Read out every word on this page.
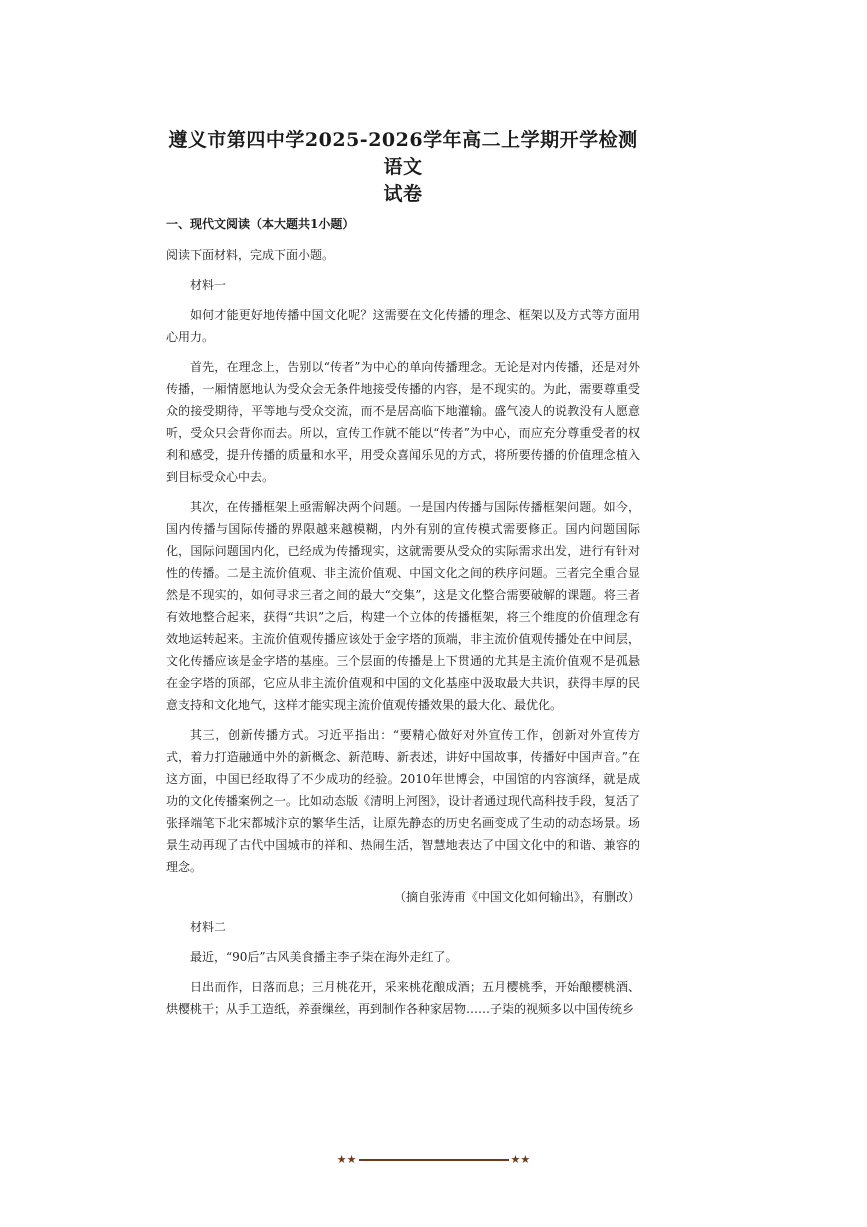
遵义市第四中学2025-2026学年高二上学期开学检测语文
试卷
一、现代文阅读（本大题共1小题）
阅读下面材料，完成下面小题。
材料一
如何才能更好地传播中国文化呢？这需要在文化传播的理念、框架以及方式等方面用心用力。
首先，在理念上，告别以“传者”为中心的单向传播理念。无论是对内传播，还是对外传播，一厢情愿地认为受众会无条件地接受传播的内容，是不现实的。为此，需要尊重受众的接受期待，平等地与受众交流，而不是居高临下地灌输。盛气凌人的说教没有人愿意听，受众只会背你而去。所以，宣传工作就不能以“传者”为中心，而应充分尊重受者的权利和感受，提升传播的质量和水平，用受众喜闻乐见的方式，将所要传播的价值理念植入到目标受众心中去。
其次，在传播框架上亟需解决两个问题。一是国内传播与国际传播框架问题。如今，国内传播与国际传播的界限越来越模糊，内外有别的宣传模式需要修正。国内问题国际化，国际问题国内化，已经成为传播现实，这就需要从受众的实际需求出发，进行有针对性的传播。二是主流价值观、非主流价值观、中国文化之间的秩序问题。三者完全重合显然是不现实的，如何寻求三者之间的最大“交集”，这是文化整合需要破解的课题。将三者有效地整合起来，获得“共识”之后，构建一个立体的传播框架，将三个维度的价值理念有效地运转起来。主流价值观传播应该处于金字塔的顶端，非主流价值观传播处在中间层，文化传播应该是金字塔的基座。三个层面的传播是上下贯通的尤其是主流价值观不是孤悬在金字塔的顶部，它应从非主流价值观和中国的文化基座中汲取最大共识，获得丰厚的民意支持和文化地气，这样才能实现主流价值观传播效果的最大化、最优化。
其三，创新传播方式。习近平指出：“要精心做好对外宣传工作，创新对外宣传方式，着力打造融通中外的新概念、新范畴、新表述，讲好中国故事，传播好中国声音。”在这方面，中国已经取得了不少成功的经验。2010年世博会，中国馆的内容演绎，就是成功的文化传播案例之一。比如动态版《清明上河图》，设计者通过现代高科技手段，复活了张择端笔下北宋都城汴京的繁华生活，让原先静态的历史名画变成了生动的动态场景。场景生动再现了古代中国城市的祥和、热闹生活，智慧地表达了中国文化中的和谐、兼容的理念。
（摘自张涛甫《中国文化如何输出》，有删改）
材料二
最近，“90后”古风美食播主李子柒在海外走红了。
日出而作，日落而息；三月桃花开，采来桃花酿成酒；五月樱桃季，开始酿樱桃酒、烘樱桃干；从手工造纸，养蚕缫丝，再到制作各种家居物……子柒的视频多以中国传统乡
★★	★★
